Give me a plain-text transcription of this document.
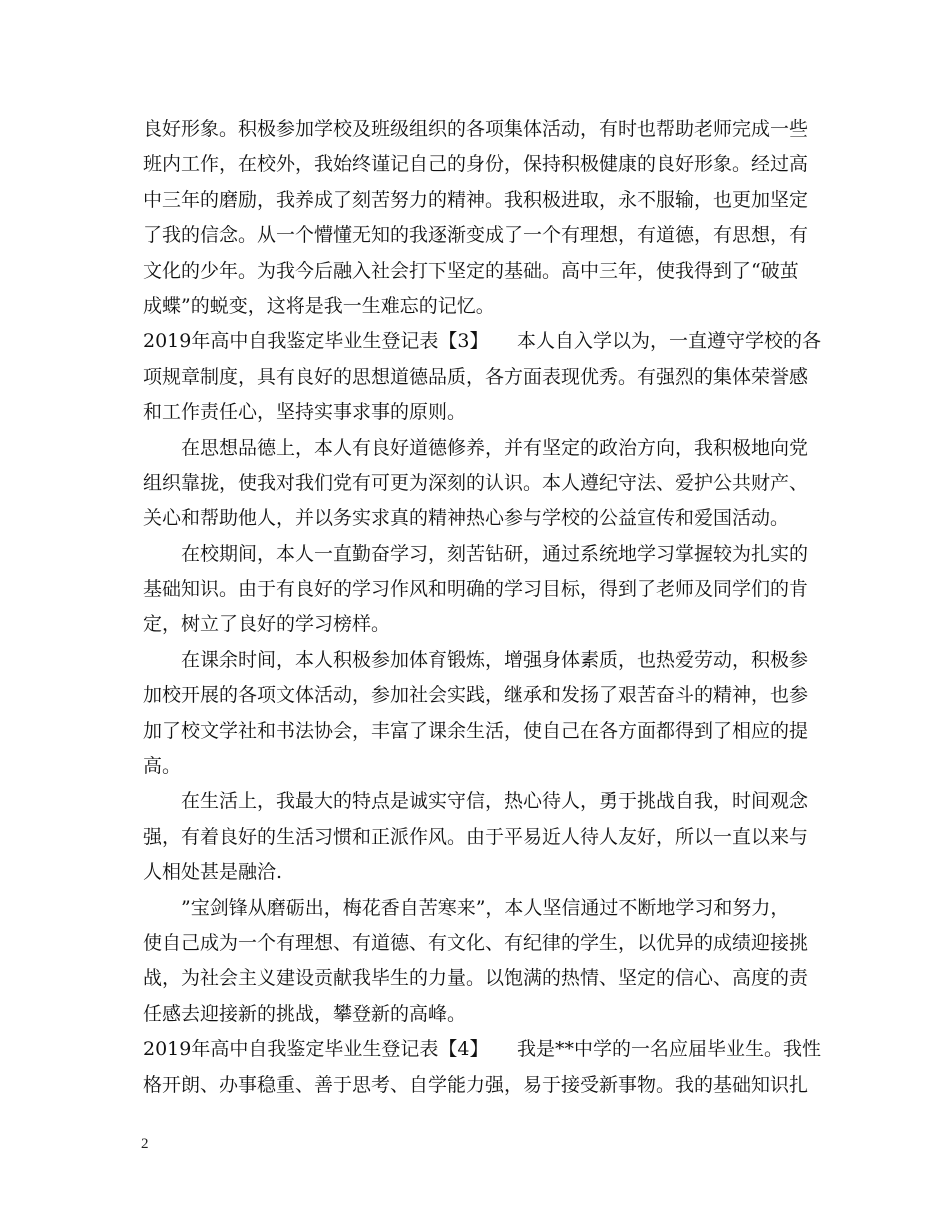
良好形象。积极参加学校及班级组织的各项集体活动，有时也帮助老师完成一些
班内工作，在校外，我始终谨记自己的身份，保持积极健康的良好形象。经过高
中三年的磨励，我养成了刻苦努力的精神。我积极进取，永不服输，也更加坚定
了我的信念。从一个懵懂无知的我逐渐变成了一个有理想，有道德，有思想，有
文化的少年。为我今后融入社会打下坚定的基础。高中三年，使我得到了“破茧
成蝶”的蜕变，这将是我一生难忘的记忆。
2019年高中自我鉴定毕业生登记表【3】　　本人自入学以为，一直遵守学校的各
项规章制度，具有良好的思想道德品质，各方面表现优秀。有强烈的集体荣誉感
和工作责任心，坚持实事求事的原则。
在思想品德上，本人有良好道德修养，并有坚定的政治方向，我积极地向党
组织靠拢，使我对我们党有可更为深刻的认识。本人遵纪守法、爱护公共财产、
关心和帮助他人，并以务实求真的精神热心参与学校的公益宣传和爱国活动。
在校期间，本人一直勤奋学习，刻苦钻研，通过系统地学习掌握较为扎实的
基础知识。由于有良好的学习作风和明确的学习目标，得到了老师及同学们的肯
定，树立了良好的学习榜样。
在课余时间，本人积极参加体育锻炼，增强身体素质，也热爱劳动，积极参
加校开展的各项文体活动，参加社会实践，继承和发扬了艰苦奋斗的精神，也参
加了校文学社和书法协会，丰富了课余生活，使自己在各方面都得到了相应的提
高。
在生活上，我最大的特点是诚实守信，热心待人，勇于挑战自我，时间观念
强，有着良好的生活习惯和正派作风。由于平易近人待人友好，所以一直以来与
人相处甚是融洽.
”宝剑锋从磨砺出，梅花香自苦寒来”，本人坚信通过不断地学习和努力，
使自己成为一个有理想、有道德、有文化、有纪律的学生，以优异的成绩迎接挑
战，为社会主义建设贡献我毕生的力量。以饱满的热情、坚定的信心、高度的责
任感去迎接新的挑战，攀登新的高峰。
2019年高中自我鉴定毕业生登记表【4】　　我是**中学的一名应届毕业生。我性
格开朗、办事稳重、善于思考、自学能力强，易于接受新事物。我的基础知识扎
2
